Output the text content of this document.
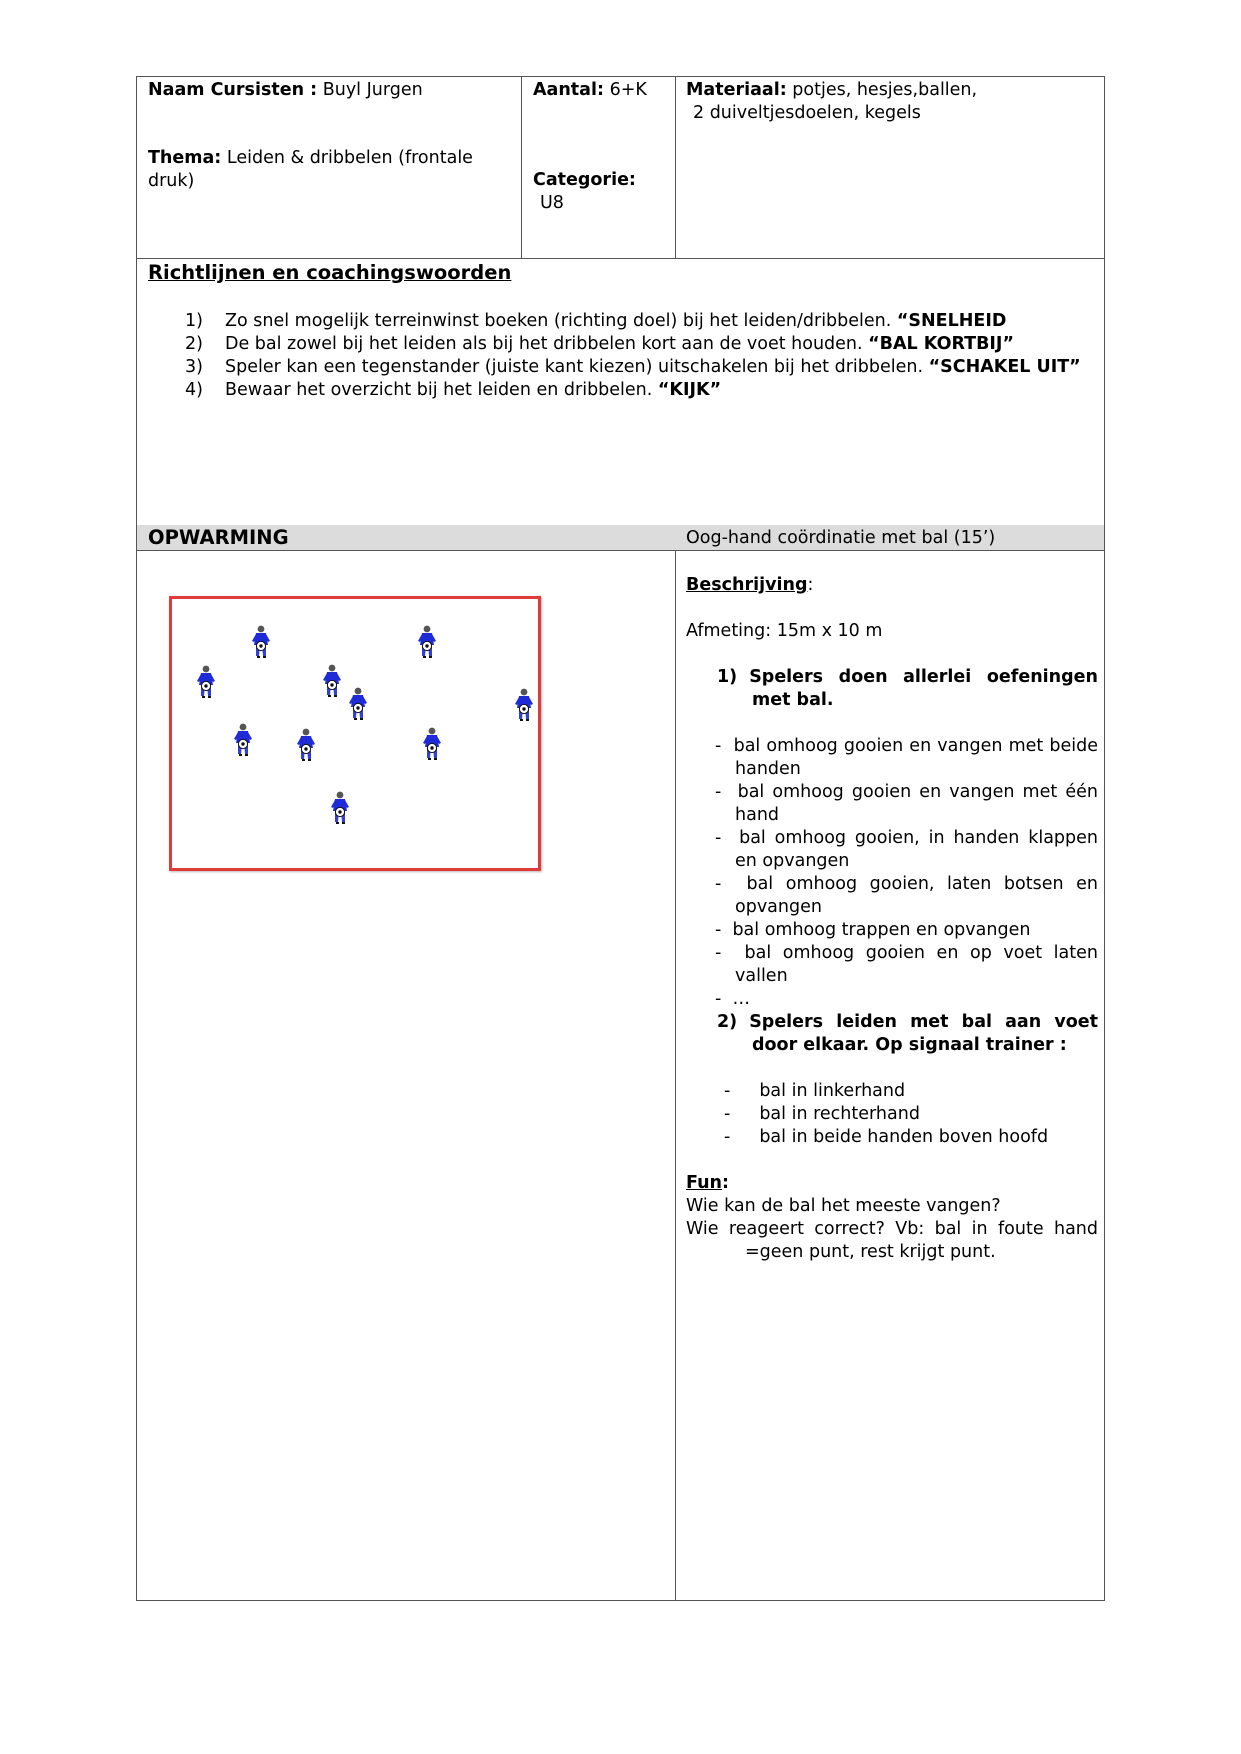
Naam Cursisten : Buyl Jurgen
Thema: Leiden & dribbelen (frontale druk)
Aantal: 6+K
Categorie:
U8
Materiaal: potjes, hesjes,ballen,
2 duiveltjesdoelen, kegels
Richtlijnen en coachingswoorden
1) Zo snel mogelijk terreinwinst boeken (richting doel) bij het leiden/dribbelen. “SNELHEID
2) De bal zowel bij het leiden als bij het dribbelen kort aan de voet houden. “BAL KORTBIJ”
3) Speler kan een tegenstander (juiste kant kiezen) uitschakelen bij het dribbelen. “SCHAKEL UIT”
4) Bewaar het overzicht bij het leiden en dribbelen. “KIJK”
OPWARMING	Oog-hand coördinatie met bal (15’)

Beschrijving:

Afmeting: 15m x 10 m

1) Spelers doen allerlei oefeningen met bal.

-  bal omhoog gooien en vangen met beide handen

-  bal omhoog gooien en vangen met één hand

-  bal omhoog gooien, in handen klappen en opvangen

-  bal omhoog gooien, laten botsen en opvangen

-  bal omhoog trappen en opvangen

-  bal omhoog gooien en op voet laten vallen

-  …

2) Spelers leiden met bal aan voet door elkaar. Op signaal trainer :

- bal in linkerhand

- bal in rechterhand

- bal in beide handen boven hoofd

Fun:

Wie kan de bal het meeste vangen?

Wie reageert correct? Vb: bal in foute hand =geen punt, rest krijgt punt.
